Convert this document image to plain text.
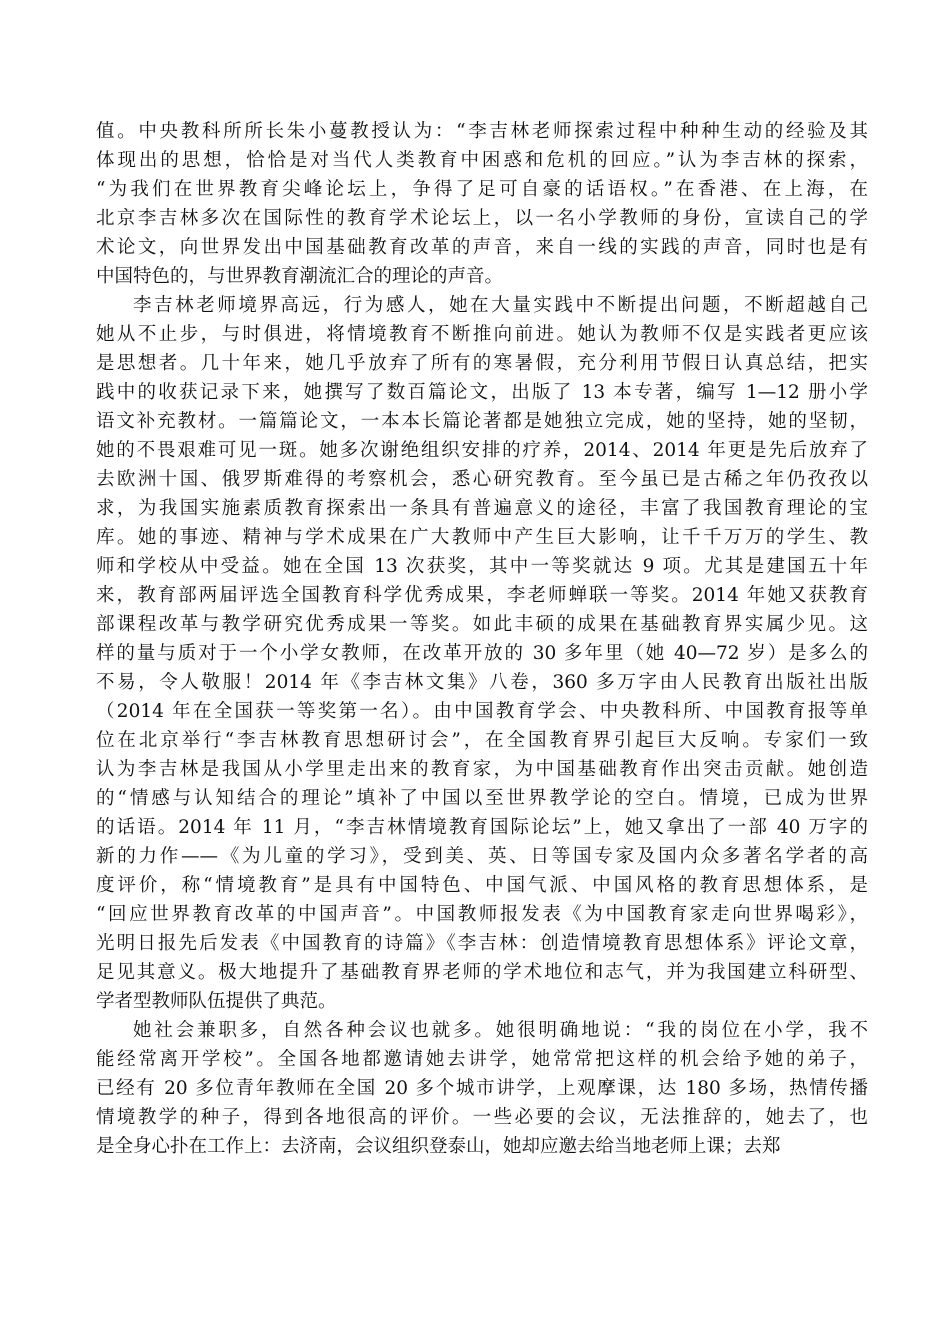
值。中央教科所所长朱小蔓教授认为：“李吉林老师探索过程中种种生动的经验及其
体现出的思想，恰恰是对当代人类教育中困惑和危机的回应。”认为李吉林的探索，
“为我们在世界教育尖峰论坛上，争得了足可自豪的话语权。”在香港、在上海，在
北京李吉林多次在国际性的教育学术论坛上，以一名小学教师的身份，宣读自己的学
术论文，向世界发出中国基础教育改革的声音，来自一线的实践的声音，同时也是有
中国特色的，与世界教育潮流汇合的理论的声音。
李吉林老师境界高远，行为感人，她在大量实践中不断提出问题，不断超越自己
她从不止步，与时俱进，将情境教育不断推向前进。她认为教师不仅是实践者更应该
是思想者。几十年来，她几乎放弃了所有的寒暑假，充分利用节假日认真总结，把实
践中的收获记录下来，她撰写了数百篇论文，出版了 13 本专著，编写 1—12 册小学
语文补充教材。一篇篇论文，一本本长篇论著都是她独立完成，她的坚持，她的坚韧，
她的不畏艰难可见一斑。她多次谢绝组织安排的疗养，2014、2014 年更是先后放弃了
去欧洲十国、俄罗斯难得的考察机会，悉心研究教育。至今虽已是古稀之年仍孜孜以
求，为我国实施素质教育探索出一条具有普遍意义的途径，丰富了我国教育理论的宝
库。她的事迹、精神与学术成果在广大教师中产生巨大影响，让千千万万的学生、教
师和学校从中受益。她在全国 13 次获奖，其中一等奖就达 9 项。尤其是建国五十年
来，教育部两届评选全国教育科学优秀成果，李老师蝉联一等奖。2014 年她又获教育
部课程改革与教学研究优秀成果一等奖。如此丰硕的成果在基础教育界实属少见。这
样的量与质对于一个小学女教师，在改革开放的 30 多年里（她 40—72 岁）是多么的
不易，令人敬服！2014 年《李吉林文集》八卷，360 多万字由人民教育出版社出版
（2014 年在全国获一等奖第一名）。由中国教育学会、中央教科所、中国教育报等单
位在北京举行“李吉林教育思想研讨会”，在全国教育界引起巨大反响。专家们一致
认为李吉林是我国从小学里走出来的教育家，为中国基础教育作出突击贡献。她创造
的“情感与认知结合的理论”填补了中国以至世界教学论的空白。情境，已成为世界
的话语。2014 年 11 月，“李吉林情境教育国际论坛”上，她又拿出了一部 40 万字的
新的力作——《为儿童的学习》，受到美、英、日等国专家及国内众多著名学者的高
度评价，称“情境教育”是具有中国特色、中国气派、中国风格的教育思想体系，是
“回应世界教育改革的中国声音”。中国教师报发表《为中国教育家走向世界喝彩》，
光明日报先后发表《中国教育的诗篇》《李吉林：创造情境教育思想体系》评论文章，
足见其意义。极大地提升了基础教育界老师的学术地位和志气，并为我国建立科研型、
学者型教师队伍提供了典范。
她社会兼职多，自然各种会议也就多。她很明确地说：“我的岗位在小学，我不
能经常离开学校”。全国各地都邀请她去讲学，她常常把这样的机会给予她的弟子，
已经有 20 多位青年教师在全国 20 多个城市讲学，上观摩课，达 180 多场，热情传播
情境教学的种子，得到各地很高的评价。一些必要的会议，无法推辞的，她去了，也
是全身心扑在工作上：去济南，会议组织登泰山，她却应邀去给当地老师上课；去郑
